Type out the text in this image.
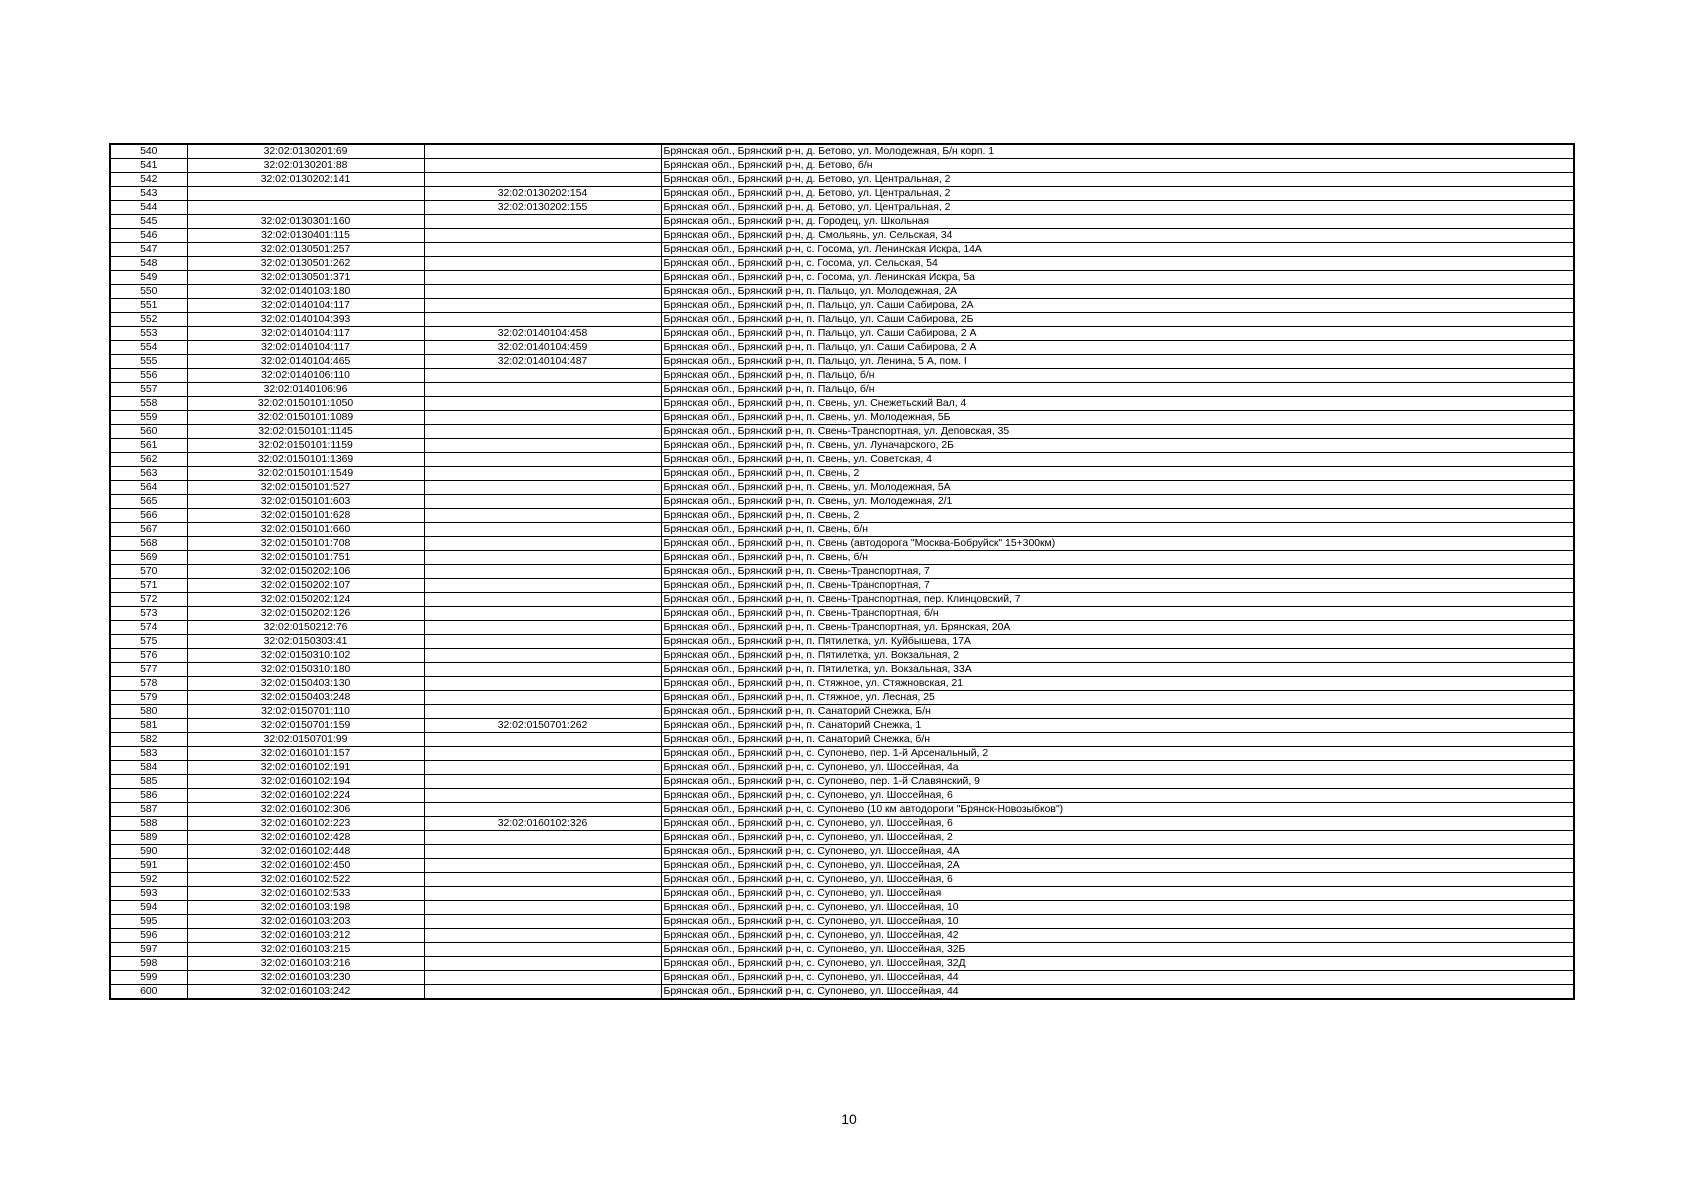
540	32:02:0130201:69		Брянская обл., Брянский р-н, д. Бетово, ул. Молодежная, Б/н корп. 1
541	32:02:0130201:88		Брянская обл., Брянский р-н, д. Бетово, б/н
542	32:02:0130202:141		Брянская обл., Брянский р-н, д. Бетово, ул. Центральная, 2
543		32:02:0130202:154	Брянская обл., Брянский р-н, д. Бетово, ул. Центральная, 2
544		32:02:0130202:155	Брянская обл., Брянский р-н, д. Бетово, ул. Центральная, 2
545	32:02:0130301:160		Брянская обл., Брянский р-н, д. Городец, ул. Школьная
546	32:02:0130401:115		Брянская обл., Брянский р-н, д. Смольянь, ул. Сельская, 34
547	32:02:0130501:257		Брянская обл., Брянский р-н, с. Госома, ул. Ленинская Искра, 14А
548	32:02:0130501:262		Брянская обл., Брянский р-н, с. Госома, ул. Сельская, 54
549	32:02:0130501:371		Брянская обл., Брянский р-н, с. Госома, ул. Ленинская Искра, 5а
550	32:02:0140103:180		Брянская обл., Брянский р-н, п. Пальцо, ул. Молодежная, 2А
551	32:02:0140104:117		Брянская обл., Брянский р-н, п. Пальцо, ул. Саши Сабирова, 2А
552	32:02:0140104:393		Брянская обл., Брянский р-н, п. Пальцо, ул. Саши Сабирова, 2Б
553	32:02:0140104:117	32:02:0140104:458	Брянская обл., Брянский р-н, п. Пальцо, ул. Саши Сабирова, 2 А
554	32:02:0140104:117	32:02:0140104:459	Брянская обл., Брянский р-н, п. Пальцо, ул. Саши Сабирова, 2 А
555	32:02:0140104:465	32:02:0140104:487	Брянская обл., Брянский р-н, п. Пальцо, ул. Ленина, 5 А, пом. I
556	32:02:0140106:110		Брянская обл., Брянский р-н, п. Пальцо, б/н
557	32:02:0140106:96		Брянская обл., Брянский р-н, п. Пальцо, б/н
558	32:02:0150101:1050		Брянская обл., Брянский р-н, п. Свень, ул. Снежетьский Вал, 4
559	32:02:0150101:1089		Брянская обл., Брянский р-н, п. Свень, ул. Молодежная, 5Б
560	32:02:0150101:1145		Брянская обл., Брянский р-н, п. Свень-Транспортная, ул. Деповская, 35
561	32:02:0150101:1159		Брянская обл., Брянский р-н, п. Свень, ул. Луначарского, 2Б
562	32:02:0150101:1369		Брянская обл., Брянский р-н, п. Свень, ул. Советская, 4
563	32:02:0150101:1549		Брянская обл., Брянский р-н, п. Свень, 2
564	32:02:0150101:527		Брянская обл., Брянский р-н, п. Свень, ул. Молодежная, 5А
565	32:02:0150101:603		Брянская обл., Брянский р-н, п. Свень, ул. Молодежная, 2/1
566	32:02:0150101:628		Брянская обл., Брянский р-н, п. Свень, 2
567	32:02:0150101:660		Брянская обл., Брянский р-н, п. Свень, б/н
568	32:02:0150101:708		Брянская обл., Брянский р-н, п. Свень (автодорога "Москва-Бобруйск" 15+300км)
569	32:02:0150101:751		Брянская обл., Брянский р-н, п. Свень, б/н
570	32:02:0150202:106		Брянская обл., Брянский р-н, п. Свень-Транспортная, 7
571	32:02:0150202:107		Брянская обл., Брянский р-н, п. Свень-Транспортная, 7
572	32:02:0150202:124		Брянская обл., Брянский р-н, п. Свень-Транспортная, пер. Клинцовский, 7
573	32:02:0150202:126		Брянская обл., Брянский р-н, п. Свень-Транспортная, б/н
574	32:02:0150212:76		Брянская обл., Брянский р-н, п. Свень-Транспортная, ул. Брянская, 20А
575	32:02:0150303:41		Брянская обл., Брянский р-н, п. Пятилетка, ул. Куйбышева, 17А
576	32:02:0150310:102		Брянская обл., Брянский р-н, п. Пятилетка, ул. Вокзальная, 2
577	32:02:0150310:180		Брянская обл., Брянский р-н, п. Пятилетка, ул. Вокзальная, 33А
578	32:02:0150403:130		Брянская обл., Брянский р-н, п. Стяжное, ул. Стяжновская, 21
579	32:02:0150403:248		Брянская обл., Брянский р-н, п. Стяжное, ул. Лесная, 25
580	32:02:0150701:110		Брянская обл., Брянский р-н, п. Санаторий Снежка, Б/н
581	32:02:0150701:159	32:02:0150701:262	Брянская обл., Брянский р-н, п. Санаторий Снежка, 1
582	32:02:0150701:99		Брянская обл., Брянский р-н, п. Санаторий Снежка, б/н
583	32:02:0160101:157		Брянская обл., Брянский р-н, с. Супонево, пер. 1-й Арсенальный, 2
584	32:02:0160102:191		Брянская обл., Брянский р-н, с. Супонево, ул. Шоссейная, 4а
585	32:02:0160102:194		Брянская обл., Брянский р-н, с. Супонево, пер. 1-й Славянский, 9
586	32:02:0160102:224		Брянская обл., Брянский р-н, с. Супонево, ул. Шоссейная, 6
587	32:02:0160102:306		Брянская обл., Брянский р-н, с. Супонево (10 км автодороги "Брянск-Новозыбков")
588	32:02:0160102:223	32:02:0160102:326	Брянская обл., Брянский р-н, с. Супонево, ул. Шоссейная, 6
589	32:02:0160102:428		Брянская обл., Брянский р-н, с. Супонево, ул. Шоссейная, 2
590	32:02:0160102:448		Брянская обл., Брянский р-н, с. Супонево, ул. Шоссейная, 4А
591	32:02:0160102:450		Брянская обл., Брянский р-н, с. Супонево, ул. Шоссейная, 2А
592	32:02:0160102:522		Брянская обл., Брянский р-н, с. Супонево, ул. Шоссейная, 6
593	32:02:0160102:533		Брянская обл., Брянский р-н, с. Супонево, ул. Шоссейная
594	32:02:0160103:198		Брянская обл., Брянский р-н, с. Супонево, ул. Шоссейная, 10
595	32:02:0160103:203		Брянская обл., Брянский р-н, с. Супонево, ул. Шоссейная, 10
596	32:02:0160103:212		Брянская обл., Брянский р-н, с. Супонево, ул. Шоссейная, 42
597	32:02:0160103:215		Брянская обл., Брянский р-н, с. Супонево, ул. Шоссейная, 32Б
598	32:02:0160103:216		Брянская обл., Брянский р-н, с. Супонево, ул. Шоссейная, 32Д
599	32:02:0160103:230		Брянская обл., Брянский р-н, с. Супонево, ул. Шоссейная, 44
600	32:02:0160103:242		Брянская обл., Брянский р-н, с. Супонево, ул. Шоссейная, 44
10
